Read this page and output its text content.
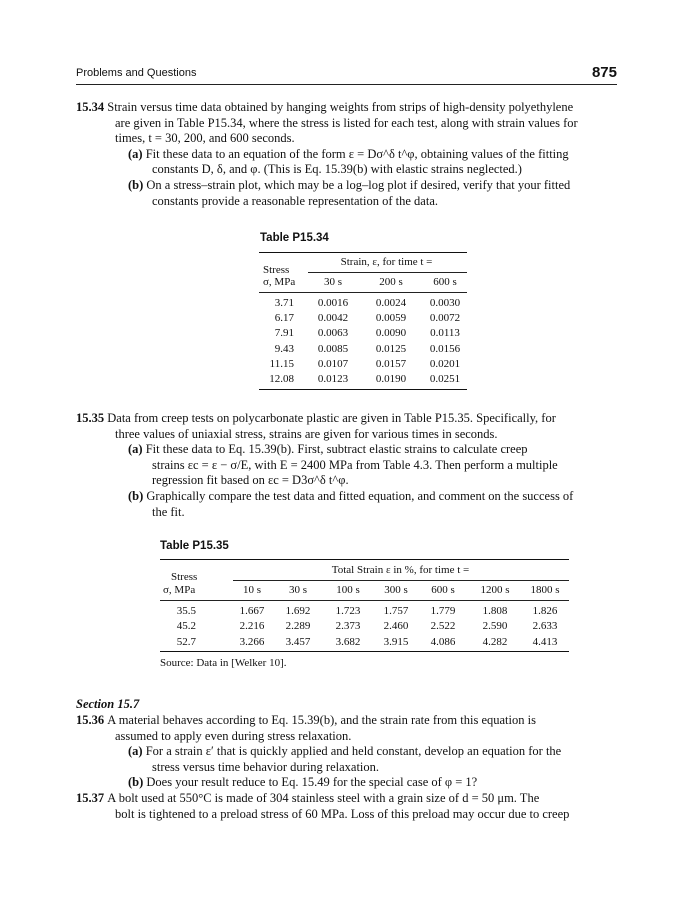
Problems and Questions	875
15.34 Strain versus time data obtained by hanging weights from strips of high-density polyethylene
are given in Table P15.34, where the stress is listed for each test, along with strain values for
times, t = 30, 200, and 600 seconds.
(a) Fit these data to an equation of the form ε = Dσ^δ t^φ, obtaining values of the fitting
constants D, δ, and φ. (This is Eq. 15.39(b) with elastic strains neglected.)
(b) On a stress–strain plot, which may be a log–log plot if desired, verify that your fitted
constants provide a reasonable representation of the data.
Table P15.34
Strain, ε, for time t =
Stress
σ, MPa	30 s	200 s	600 s
3.71	0.0016	0.0024	0.0030
6.17	0.0042	0.0059	0.0072
7.91	0.0063	0.0090	0.0113
9.43	0.0085	0.0125	0.0156
11.15	0.0107	0.0157	0.0201
12.08	0.0123	0.0190	0.0251
15.35 Data from creep tests on polycarbonate plastic are given in Table P15.35. Specifically, for
three values of uniaxial stress, strains are given for various times in seconds.
(a) Fit these data to Eq. 15.39(b). First, subtract elastic strains to calculate creep
strains εc = ε − σ/E, with E = 2400 MPa from Table 4.3. Then perform a multiple
regression fit based on εc = D3σ^δ t^φ.
(b) Graphically compare the test data and fitted equation, and comment on the success of
the fit.
Table P15.35
Total Strain ε in %, for time t =
Stress
σ, MPa	10 s	30 s	100 s	300 s	600 s	1200 s	1800 s
35.5	1.667	1.692	1.723	1.757	1.779	1.808	1.826
45.2	2.216	2.289	2.373	2.460	2.522	2.590	2.633
52.7	3.266	3.457	3.682	3.915	4.086	4.282	4.413
Source: Data in [Welker 10].
Section 15.7
15.36 A material behaves according to Eq. 15.39(b), and the strain rate from this equation is
assumed to apply even during stress relaxation.
(a) For a strain ε′ that is quickly applied and held constant, develop an equation for the
stress versus time behavior during relaxation.
(b) Does your result reduce to Eq. 15.49 for the special case of φ = 1?
15.37 A bolt used at 550°C is made of 304 stainless steel with a grain size of d = 50 μm. The
bolt is tightened to a preload stress of 60 MPa. Loss of this preload may occur due to creep
